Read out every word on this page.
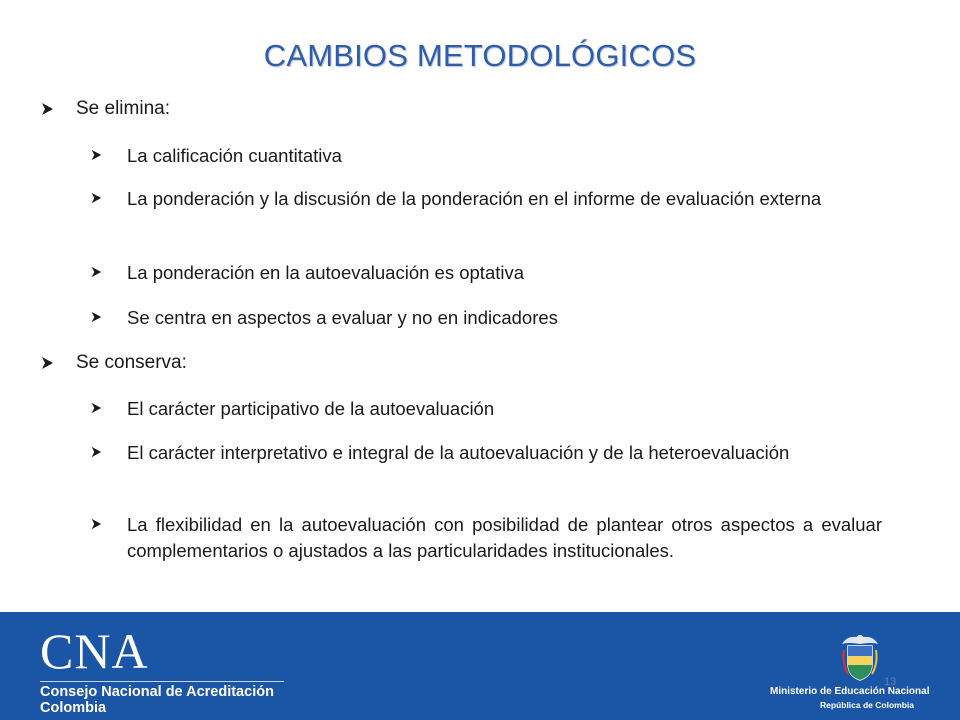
CAMBIOS METODOLÓGICOS
Se elimina:
La calificación cuantitativa
La ponderación y la discusión de la ponderación en el informe de evaluación externa
La ponderación en la autoevaluación es optativa
Se centra en aspectos a evaluar y no en indicadores
Se conserva:
El carácter participativo de la autoevaluación
El carácter interpretativo e integral de la autoevaluación y de la heteroevaluación
La flexibilidad en la autoevaluación con posibilidad de plantear otros aspectos a evaluar complementarios o ajustados a las particularidades institucionales.
CNA
Consejo Nacional de Acreditación
Colombia
13
Ministerio de Educación Nacional
República de Colombia
